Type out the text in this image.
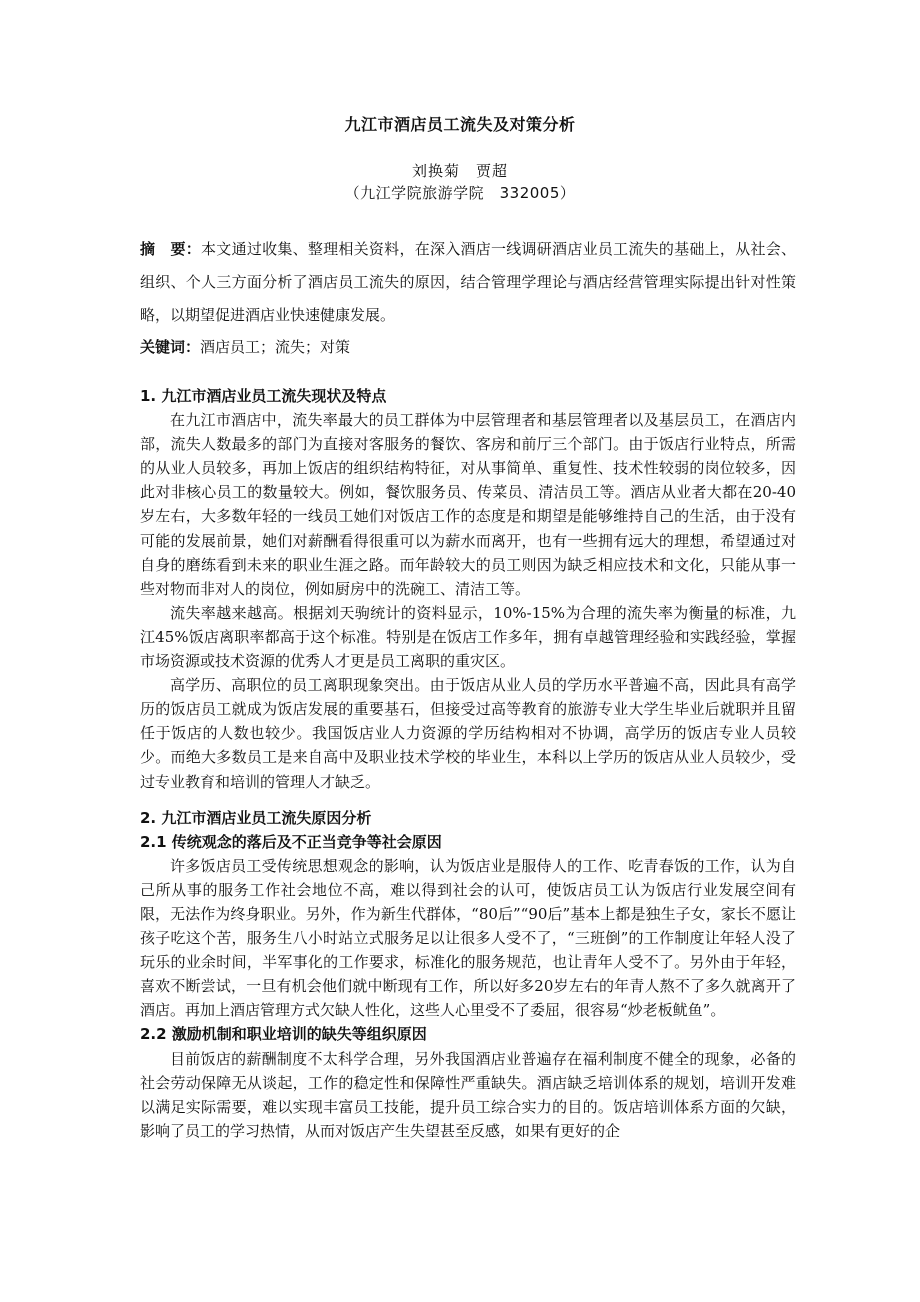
九江市酒店员工流失及对策分析
刘换菊　贾超
（九江学院旅游学院　332005）

摘　要：本文通过收集、整理相关资料，在深入酒店一线调研酒店业员工流失的基础上，从社会、组织、个人三方面分析了酒店员工流失的原因，结合管理学理论与酒店经营管理实际提出针对性策略，以期望促进酒店业快速健康发展。

关键词：酒店员工；流失；对策

1. 九江市酒店业员工流失现状及特点

在九江市酒店中，流失率最大的员工群体为中层管理者和基层管理者以及基层员工，在酒店内部，流失人数最多的部门为直接对客服务的餐饮、客房和前厅三个部门。由于饭店行业特点，所需的从业人员较多，再加上饭店的组织结构特征，对从事简单、重复性、技术性较弱的岗位较多，因此对非核心员工的数量较大。例如，餐饮服务员、传菜员、清洁员工等。酒店从业者大都在20-40岁左右，大多数年轻的一线员工她们对饭店工作的态度是和期望是能够维持自己的生活，由于没有可能的发展前景，她们对薪酬看得很重可以为薪水而离开，也有一些拥有远大的理想，希望通过对自身的磨练看到未来的职业生涯之路。而年龄较大的员工则因为缺乏相应技术和文化，只能从事一些对物而非对人的岗位，例如厨房中的洗碗工、清洁工等。

流失率越来越高。根据刘天驹统计的资料显示，10%-15%为合理的流失率为衡量的标准，九江45%饭店离职率都高于这个标准。特别是在饭店工作多年，拥有卓越管理经验和实践经验，掌握市场资源或技术资源的优秀人才更是员工离职的重灾区。

高学历、高职位的员工离职现象突出。由于饭店从业人员的学历水平普遍不高，因此具有高学历的饭店员工就成为饭店发展的重要基石，但接受过高等教育的旅游专业大学生毕业后就职并且留任于饭店的人数也较少。我国饭店业人力资源的学历结构相对不协调，高学历的饭店专业人员较少。而绝大多数员工是来自高中及职业技术学校的毕业生，本科以上学历的饭店从业人员较少，受过专业教育和培训的管理人才缺乏。

2. 九江市酒店业员工流失原因分析
2.1 传统观念的落后及不正当竞争等社会原因

许多饭店员工受传统思想观念的影响，认为饭店业是服侍人的工作、吃青春饭的工作，认为自己所从事的服务工作社会地位不高，难以得到社会的认可，使饭店员工认为饭店行业发展空间有限，无法作为终身职业。另外，作为新生代群体，“80后”“90后”基本上都是独生子女，家长不愿让孩子吃这个苦，服务生八小时站立式服务足以让很多人受不了，“三班倒”的工作制度让年轻人没了玩乐的业余时间，半军事化的工作要求，标准化的服务规范，也让青年人受不了。另外由于年轻，喜欢不断尝试，一旦有机会他们就中断现有工作，所以好多20岁左右的年青人熬不了多久就离开了酒店。再加上酒店管理方式欠缺人性化，这些人心里受不了委屈，很容易“炒老板鱿鱼”。

2.2 激励机制和职业培训的缺失等组织原因

目前饭店的薪酬制度不太科学合理，另外我国酒店业普遍存在福利制度不健全的现象，必备的社会劳动保障无从谈起，工作的稳定性和保障性严重缺失。酒店缺乏培训体系的规划，培训开发难以满足实际需要，难以实现丰富员工技能，提升员工综合实力的目的。饭店培训体系方面的欠缺，影响了员工的学习热情，从而对饭店产生失望甚至反感，如果有更好的企
